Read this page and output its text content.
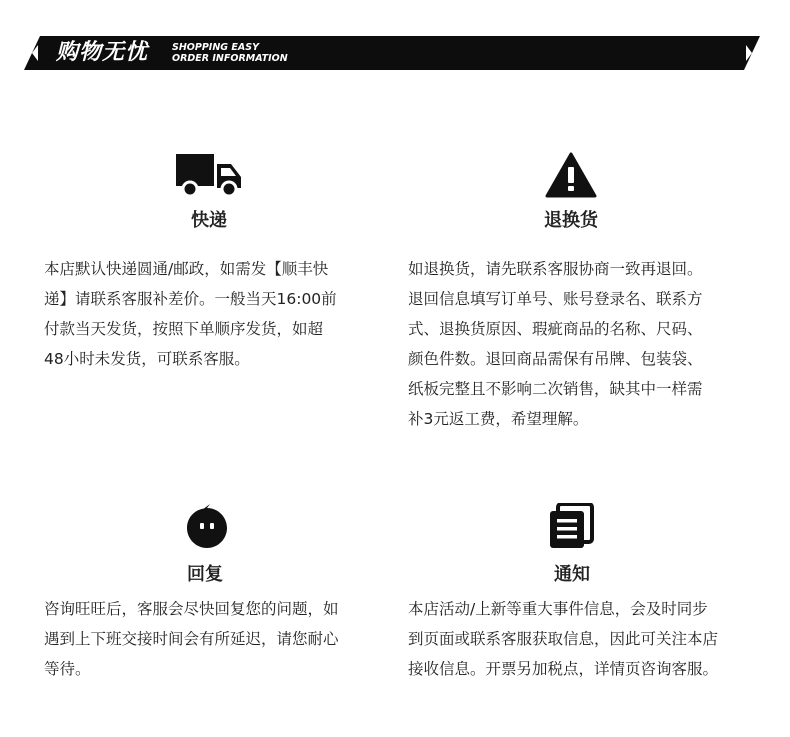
购物无忧	SHOPPING EASY
ORDER INFORMATION
快递
本店默认快递圆通/邮政，如需发【顺丰快
递】请联系客服补差价。一般当天16:00前
付款当天发货，按照下单顺序发货，如超
48小时未发货，可联系客服。
退换货
如退换货，请先联系客服协商一致再退回。
退回信息填写订单号、账号登录名、联系方
式、退换货原因、瑕疵商品的名称、尺码、
颜色件数。退回商品需保有吊牌、包装袋、
纸板完整且不影响二次销售，缺其中一样需
补3元返工费，希望理解。
回复
咨询旺旺后，客服会尽快回复您的问题，如
遇到上下班交接时间会有所延迟，请您耐心
等待。
通知
本店活动/上新等重大事件信息，会及时同步
到页面或联系客服获取信息，因此可关注本店
接收信息。开票另加税点，详情页咨询客服。
